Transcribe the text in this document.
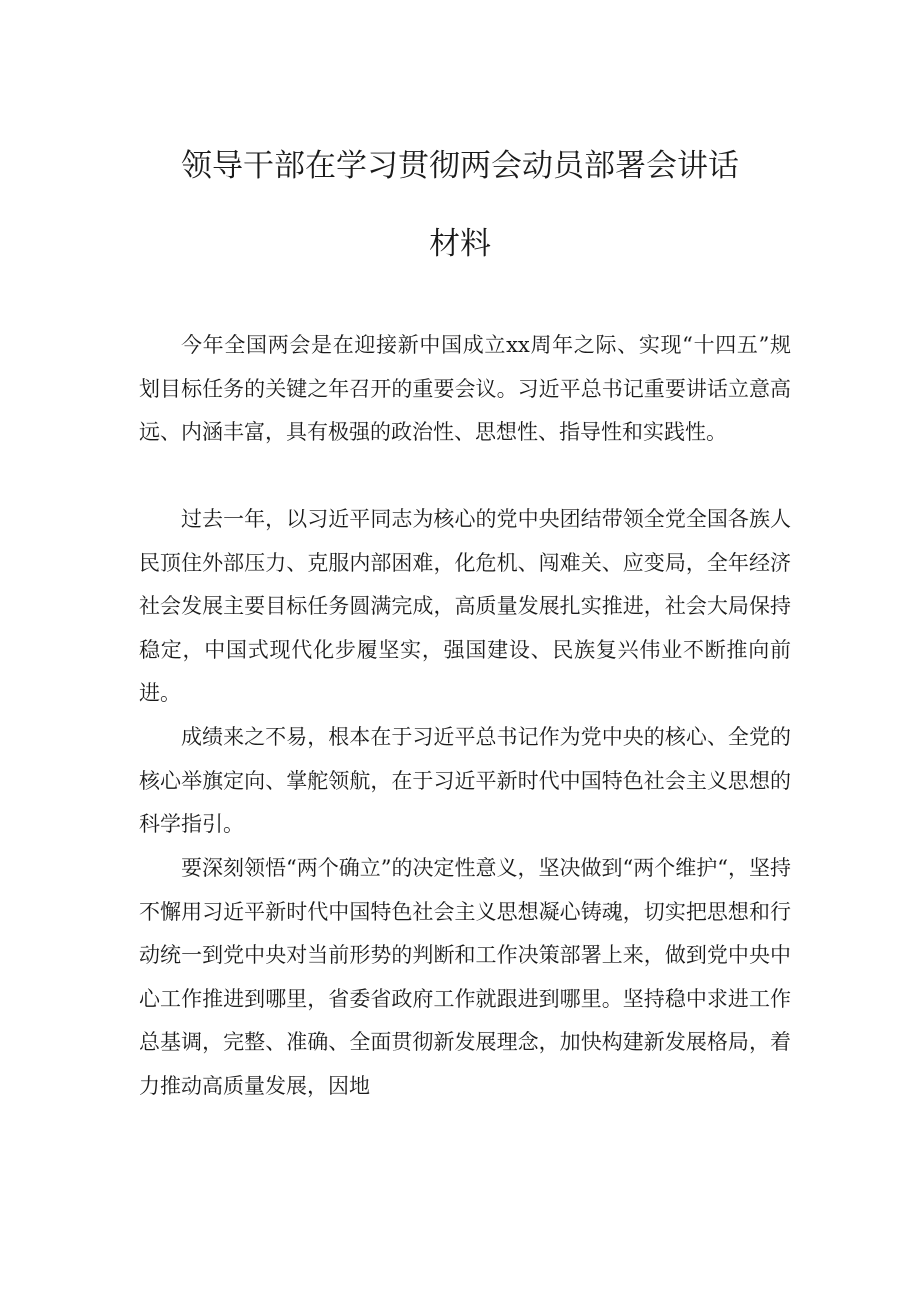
领导干部在学习贯彻两会动员部署会讲话
材料

今年全国两会是在迎接新中国成立xx周年之际、实现“十四五”规划目标任务的关键之年召开的重要会议。习近平总书记重要讲话立意高远、内涵丰富，具有极强的政治性、思想性、指导性和实践性。

过去一年，以习近平同志为核心的党中央团结带领全党全国各族人民顶住外部压力、克服内部困难，化危机、闯难关、应变局，全年经济社会发展主要目标任务圆满完成，高质量发展扎实推进，社会大局保持稳定，中国式现代化步履坚实，强国建设、民族复兴伟业不断推向前进。

成绩来之不易，根本在于习近平总书记作为党中央的核心、全党的核心举旗定向、掌舵领航，在于习近平新时代中国特色社会主义思想的科学指引。

要深刻领悟“两个确立”的决定性意义，坚决做到“两个维护“，坚持不懈用习近平新时代中国特色社会主义思想凝心铸魂，切实把思想和行动统一到党中央对当前形势的判断和工作决策部署上来，做到党中央中心工作推进到哪里，省委省政府工作就跟进到哪里。坚持稳中求进工作总基调，完整、准确、全面贯彻新发展理念，加快构建新发展格局，着力推动高质量发展，因地
